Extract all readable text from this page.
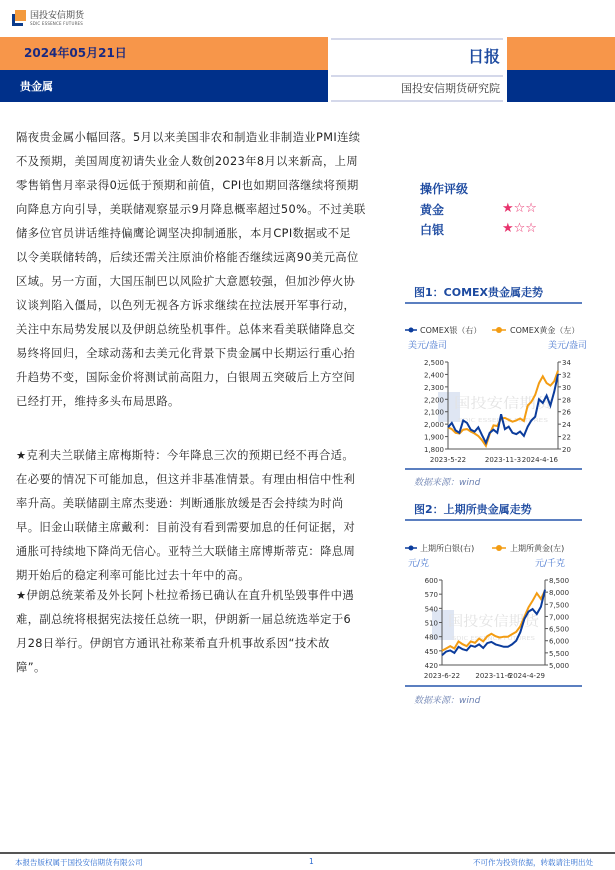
国投安信期货
SDIC ESSENCE FUTURES
2024年05月21日
贵金属
日报
国投安信期货研究院
隔夜贵金属小幅回落。5月以来美国非农和制造业非制造业PMI连续
不及预期，美国周度初请失业金人数创2023年8月以来新高，上周
零售销售月率录得0远低于预期和前值，CPI也如期回落继续将预期
向降息方向引导，美联储观察显示9月降息概率超过50%。不过美联
储多位官员讲话维持偏鹰论调坚决抑制通胀，本月CPI数据或不足
以令美联储转鸽，后续还需关注原油价格能否继续远离90美元高位
区域。另一方面，大国压制巴以风险扩大意愿较强，但加沙停火协
议谈判陷入僵局，以色列无视各方诉求继续在拉法展开军事行动，
关注中东局势发展以及伊朗总统坠机事件。总体来看美联储降息交
易终将回归，全球动荡和去美元化背景下贵金属中长期运行重心抬
升趋势不变，国际金价将测试前高阻力，白银周五突破后上方空间
已经打开，维持多头布局思路。
★克利夫兰联储主席梅斯特：今年降息三次的预期已经不再合适。
在必要的情况下可能加息，但这并非基准情景。有理由相信中性利
率升高。美联储副主席杰斐逊：判断通胀放缓是否会持续为时尚
早。旧金山联储主席戴利：目前没有看到需要加息的任何证据，对
通胀可持续地下降尚无信心。亚特兰大联储主席博斯蒂克：降息周
期开始后的稳定利率可能比过去十年中的高。
★伊朗总统莱希及外长阿卜杜拉希扬已确认在直升机坠毁事件中遇
难，副总统将根据宪法接任总统一职，伊朗新一届总统选举定于6
月28日举行。伊朗官方通讯社称莱希直升机事故系因“技术故
障”。
操作评级
黄金	★☆☆
白银	★☆☆
图1：COMEX贵金属走势
国投安信期货
SDIC ESSENCE FUTURES
COMEX银（右）	COMEX黄金（左）
美元/盎司	美元/盎司
1,800
1,900
2,000
2,100
2,200
2,300
2,400
2,500
20
22
24
26
28
30
32
34
2023-5-22	2023-11-3 2024-4-16
数据来源：wind
图2：上期所贵金属走势
国投安信期货
SDIC ESSENCE FUTURES
上期所白银(右)	上期所黄金(左)
元/克	元/千克
420
450
480
510
540
570
600
5,000
5,500
6,000
6,500
7,000
7,500
8,000
8,500
2023-6-22 2023-11-6
2024-4-29
数据来源：wind
本报告版权属于国投安信期货有限公司	1	不可作为投资依据，转载请注明出处
